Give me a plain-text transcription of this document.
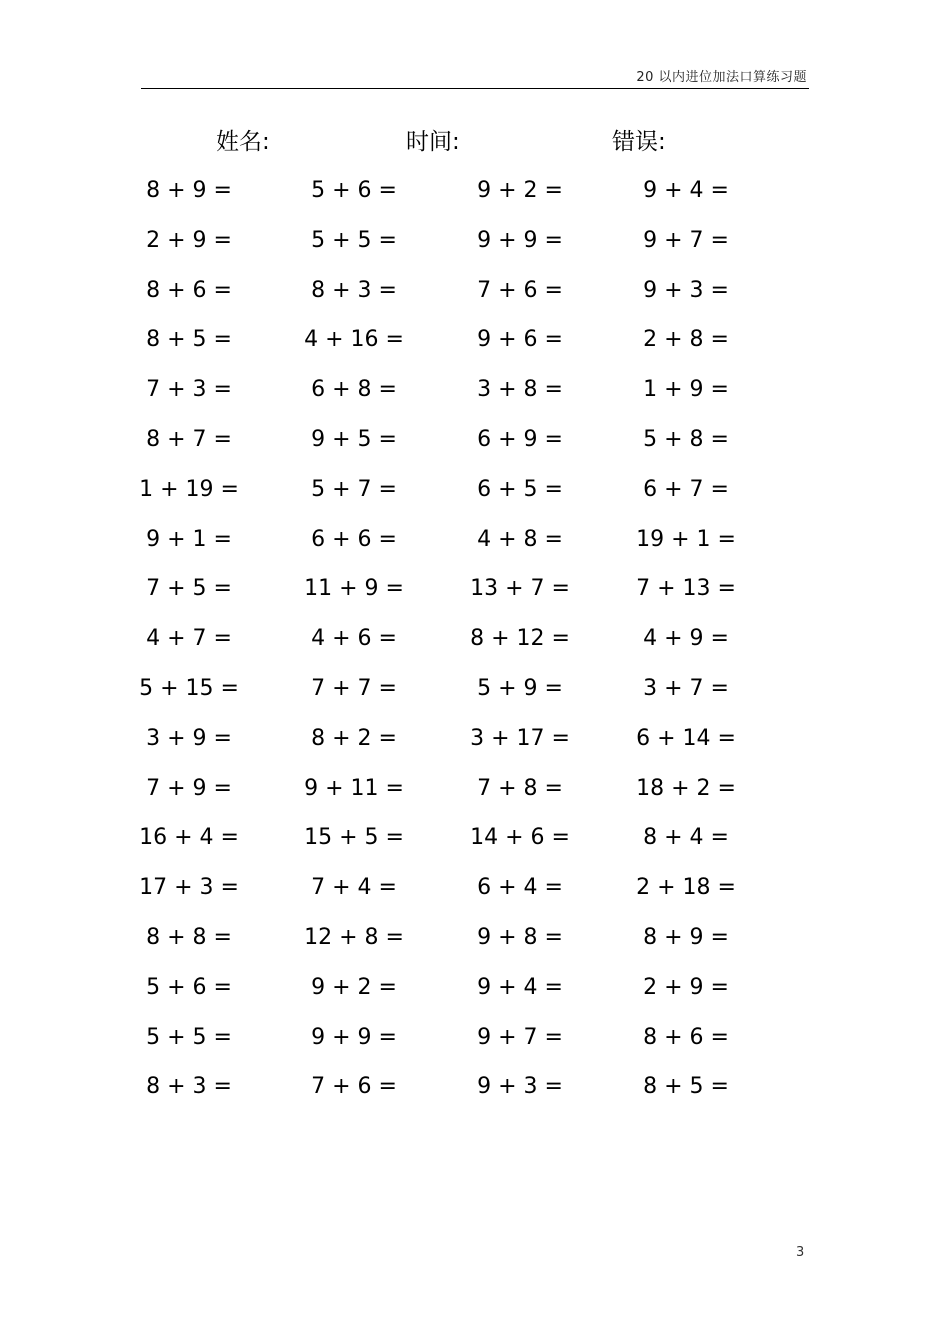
20 以内进位加法口算练习题
姓名:	时间:	错误:
8 + 9 =	5 + 6 =	9 + 2 =	9 + 4 =
2 + 9 =	5 + 5 =	9 + 9 =	9 + 7 =
8 + 6 =	8 + 3 =	7 + 6 =	9 + 3 =
8 + 5 =	4 + 16 =	9 + 6 =	2 + 8 =
7 + 3 =	6 + 8 =	3 + 8 =	1 + 9 =
8 + 7 =	9 + 5 =	6 + 9 =	5 + 8 =
1 + 19 =	5 + 7 =	6 + 5 =	6 + 7 =
9 + 1 =	6 + 6 =	4 + 8 =	19 + 1 =
7 + 5 =	11 + 9 =	13 + 7 =	7 + 13 =
4 + 7 =	4 + 6 =	8 + 12 =	4 + 9 =
5 + 15 =	7 + 7 =	5 + 9 =	3 + 7 =
3 + 9 =	8 + 2 =	3 + 17 =	6 + 14 =
7 + 9 =	9 + 11 =	7 + 8 =	18 + 2 =
16 + 4 =	15 + 5 =	14 + 6 =	8 + 4 =
17 + 3 =	7 + 4 =	6 + 4 =	2 + 18 =
8 + 8 =	12 + 8 =	9 + 8 =	8 + 9 =
5 + 6 =	9 + 2 =	9 + 4 =	2 + 9 =
5 + 5 =	9 + 9 =	9 + 7 =	8 + 6 =
8 + 3 =	7 + 6 =	9 + 3 =	8 + 5 =
3
